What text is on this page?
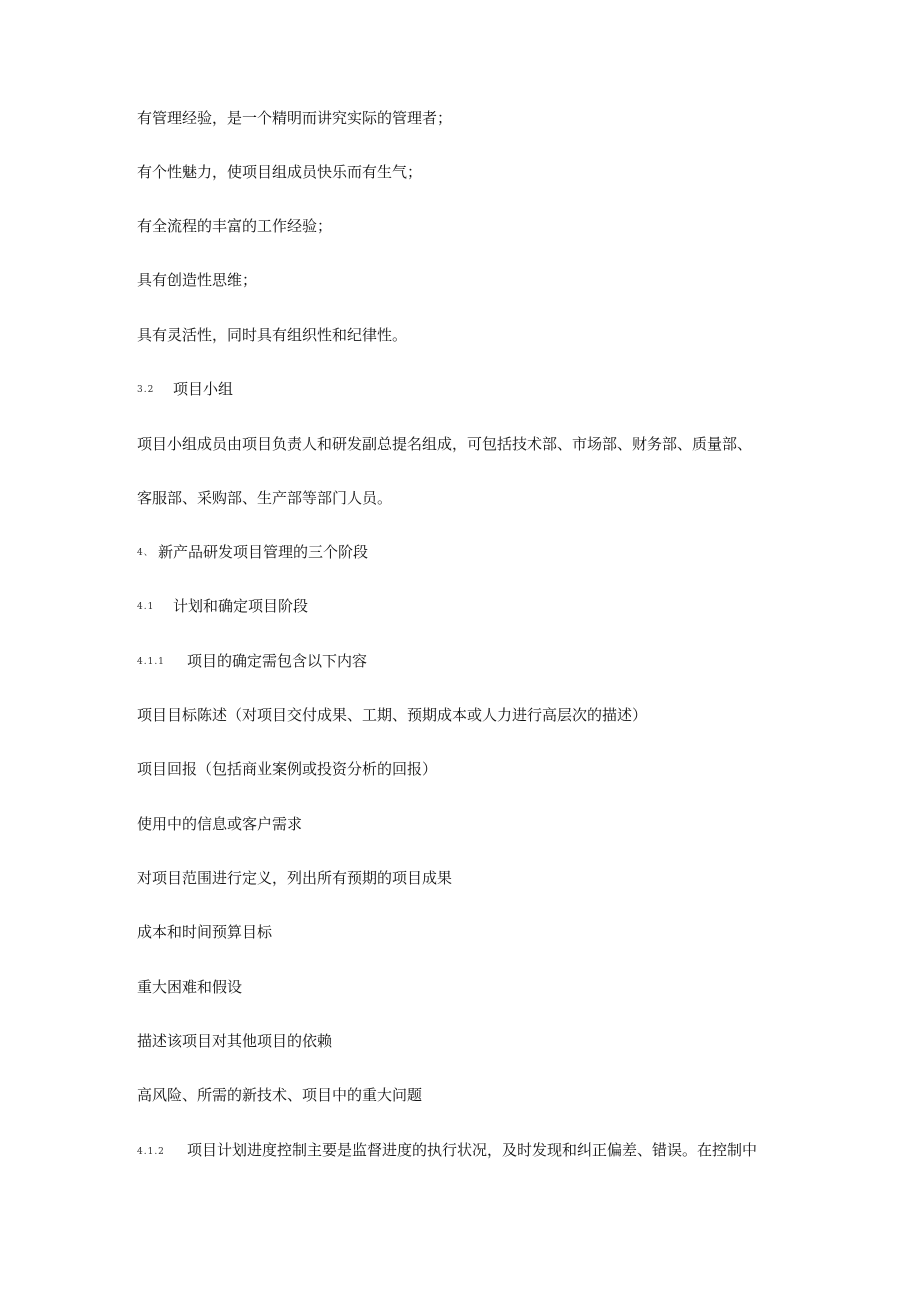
有管理经验，是一个精明而讲究实际的管理者；
有个性魅力，使项目组成员快乐而有生气；
有全流程的丰富的工作经验；
具有创造性思维；
具有灵活性，同时具有组织性和纪律性。
3.2 项目小组
项目小组成员由项目负责人和研发副总提名组成，可包括技术部、市场部、财务部、质量部、
客服部、采购部、生产部等部门人员。
4、 新产品研发项目管理的三个阶段
4.1 计划和确定项目阶段
4.1.1 项目的确定需包含以下内容
项目目标陈述（对项目交付成果、工期、预期成本或人力进行高层次的描述）
项目回报（包括商业案例或投资分析的回报）
使用中的信息或客户需求
对项目范围进行定义，列出所有预期的项目成果
成本和时间预算目标
重大困难和假设
描述该项目对其他项目的依赖
高风险、所需的新技术、项目中的重大问题
4.1.2 项目计划进度控制主要是监督进度的执行状况，及时发现和纠正偏差、错误。在控制中
